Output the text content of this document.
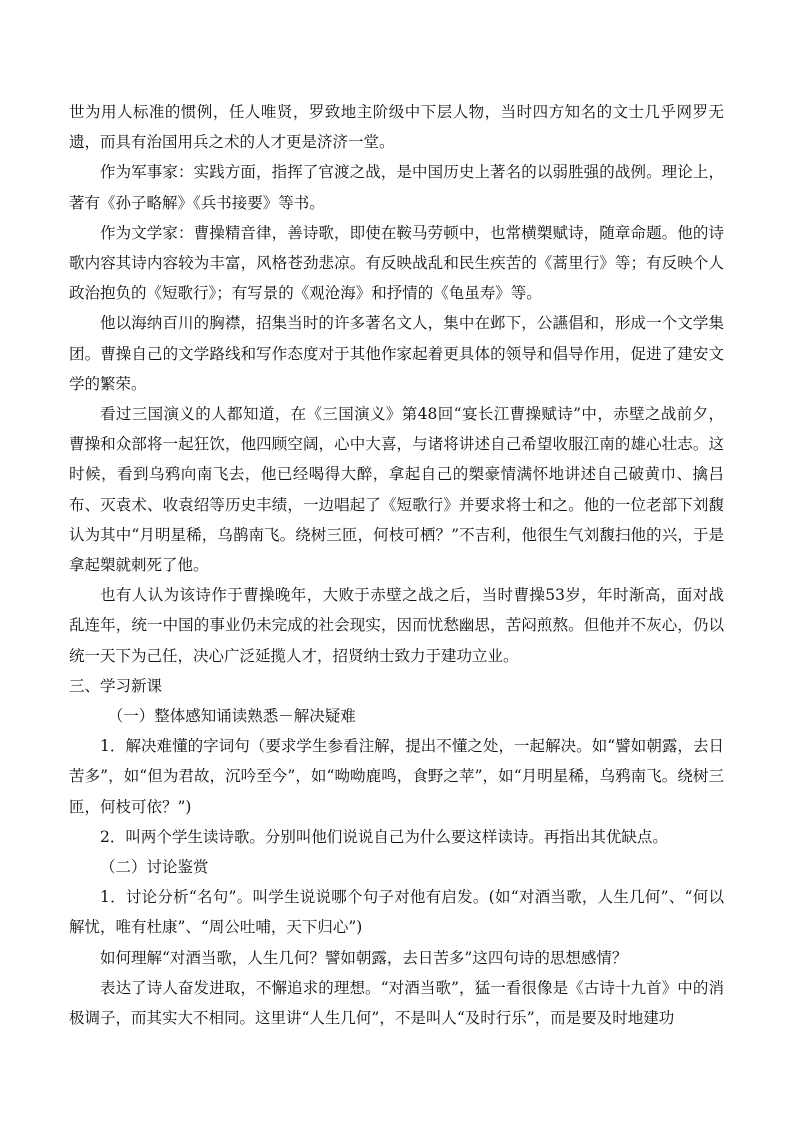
世为用人标准的惯例，任人唯贤，罗致地主阶级中下层人物，当时四方知名的文士几乎网罗无遗，而具有治国用兵之术的人才更是济济一堂。

作为军事家：实践方面，指挥了官渡之战，是中国历史上著名的以弱胜强的战例。理论上，著有《孙子略解》《兵书接要》等书。

作为文学家：曹操精音律，善诗歌，即使在鞍马劳顿中，也常横槊赋诗，随章命题。他的诗歌内容其诗内容较为丰富，风格苍劲悲凉。有反映战乱和民生疾苦的《蒿里行》等；有反映个人政治抱负的《短歌行》；有写景的《观沧海》和抒情的《龟虽寿》等。

他以海纳百川的胸襟，招集当时的许多著名文人，集中在邺下，公讌倡和，形成一个文学集团。曹操自己的文学路线和写作态度对于其他作家起着更具体的领导和倡导作用，促进了建安文学的繁荣。

看过三国演义的人都知道，在《三国演义》第48回“宴长江曹操赋诗”中，赤壁之战前夕，曹操和众部将一起狂饮，他四顾空阔，心中大喜，与诸将讲述自己希望收服江南的雄心壮志。这时候，看到乌鸦向南飞去，他已经喝得大醉，拿起自己的槊豪情满怀地讲述自己破黄巾、擒吕布、灭袁术、收袁绍等历史丰绩，一边唱起了《短歌行》并要求将士和之。他的一位老部下刘馥认为其中“月明星稀，乌鹊南飞。绕树三匝，何枝可栖？”不吉利，他很生气刘馥扫他的兴，于是拿起槊就刺死了他。

也有人认为该诗作于曹操晚年，大败于赤壁之战之后，当时曹操53岁，年时渐高，面对战乱连年，统一中国的事业仍未完成的社会现实，因而忧愁幽思，苦闷煎熬。但他并不灰心，仍以统一天下为己任，决心广泛延揽人才，招贤纳士致力于建功立业。

三、学习新课

（一）整体感知诵读熟悉－解决疑难

1．解决难懂的字词句（要求学生参看注解，提出不懂之处，一起解决。如“譬如朝露，去日苦多”，如“但为君故，沉吟至今”，如“呦呦鹿鸣，食野之苹”，如“月明星稀，乌鸦南飞。绕树三匝，何枝可依？”)

2．叫两个学生读诗歌。分别叫他们说说自己为什么要这样读诗。再指出其优缺点。

（二）讨论鉴赏

1．讨论分析“名句”。叫学生说说哪个句子对他有启发。(如“对酒当歌，人生几何”、“何以解忧，唯有杜康”、“周公吐哺，天下归心”)

如何理解“对酒当歌，人生几何？譬如朝露，去日苦多”这四句诗的思想感情？

表达了诗人奋发进取，不懈追求的理想。“对酒当歌”，猛一看很像是《古诗十九首》中的消极调子，而其实大不相同。这里讲“人生几何”，不是叫人“及时行乐”，而是要及时地建功
